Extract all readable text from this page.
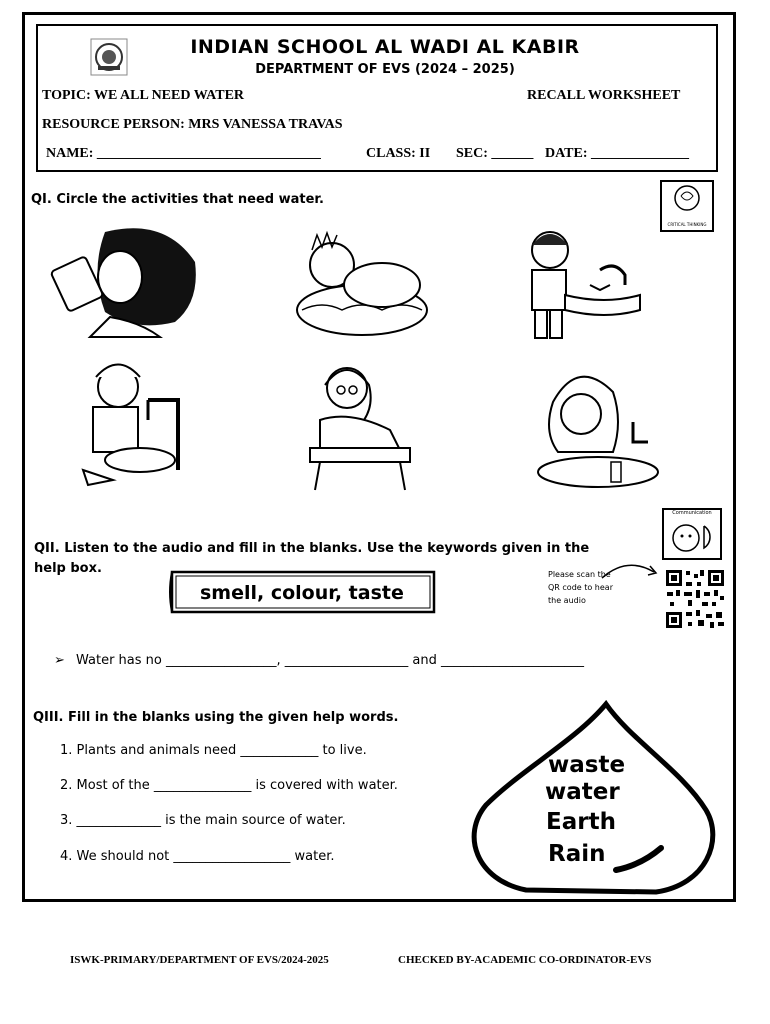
INDIAN SCHOOL AL WADI AL KABIR
DEPARTMENT OF EVS (2024 – 2025)
TOPIC: WE ALL NEED WATER	RECALL WORKSHEET
RESOURCE PERSON: MRS VANESSA TRAVAS
NAME: ________________________________	CLASS: II SEC: ______ DATE: ______________
QI. Circle the activities that need water.
CRITICAL THINKING
Communication
QII. Listen to the audio and fill in the blanks. Use the keywords given in the
help box.
smell, colour, taste
Please scan the
QR code to hear
the audio
➢ Water has no _________________, ___________________ and ______________________
QIII. Fill in the blanks using the given help words.
1. Plants and animals need ____________ to live.
2. Most of the _______________ is covered with water.
3. _____________ is the main source of water.
4. We should not __________________ water.
waste
water
Earth
Rain
ISWK-PRIMARY/DEPARTMENT OF EVS/2024-2025	CHECKED BY-ACADEMIC CO-ORDINATOR-EVS
